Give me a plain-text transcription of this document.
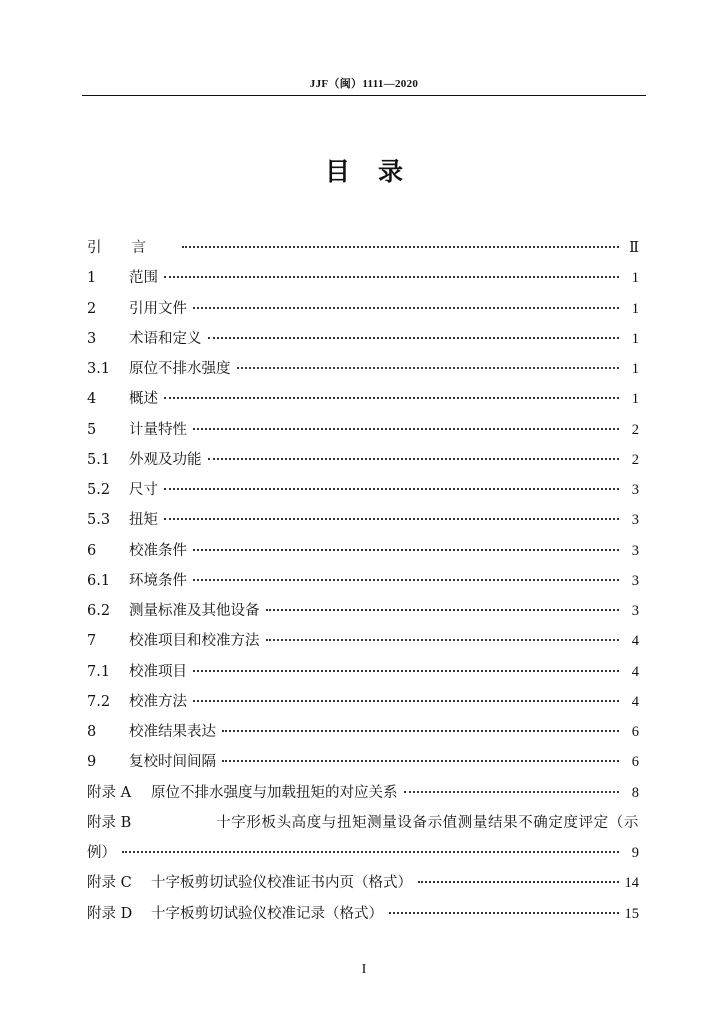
JJF（闽）1111—2020
目录
引言	Ⅱ
1	范围	1
2	引用文件	1
3	术语和定义	1
3.1	原位不排水强度	1
4	概述	1
5	计量特性	2
5.1	外观及功能	2
5.2	尺寸	3
5.3	扭矩	3
6	校准条件	3
6.1	环境条件	3
6.2	测量标准及其他设备	3
7	校准项目和校准方法	4
7.1	校准项目	4
7.2	校准方法	4
8	校准结果表达	6
9	复校时间间隔	6
附录 A	原位不排水强度与加载扭矩的对应关系	8
附录 B	十字形板头高度与扭矩测量设备示值测量结果不确定度评定（示
例）	9
附录 C	十字板剪切试验仪校准证书内页（格式）	14
附录 D	十字板剪切试验仪校准记录（格式）	15
I
